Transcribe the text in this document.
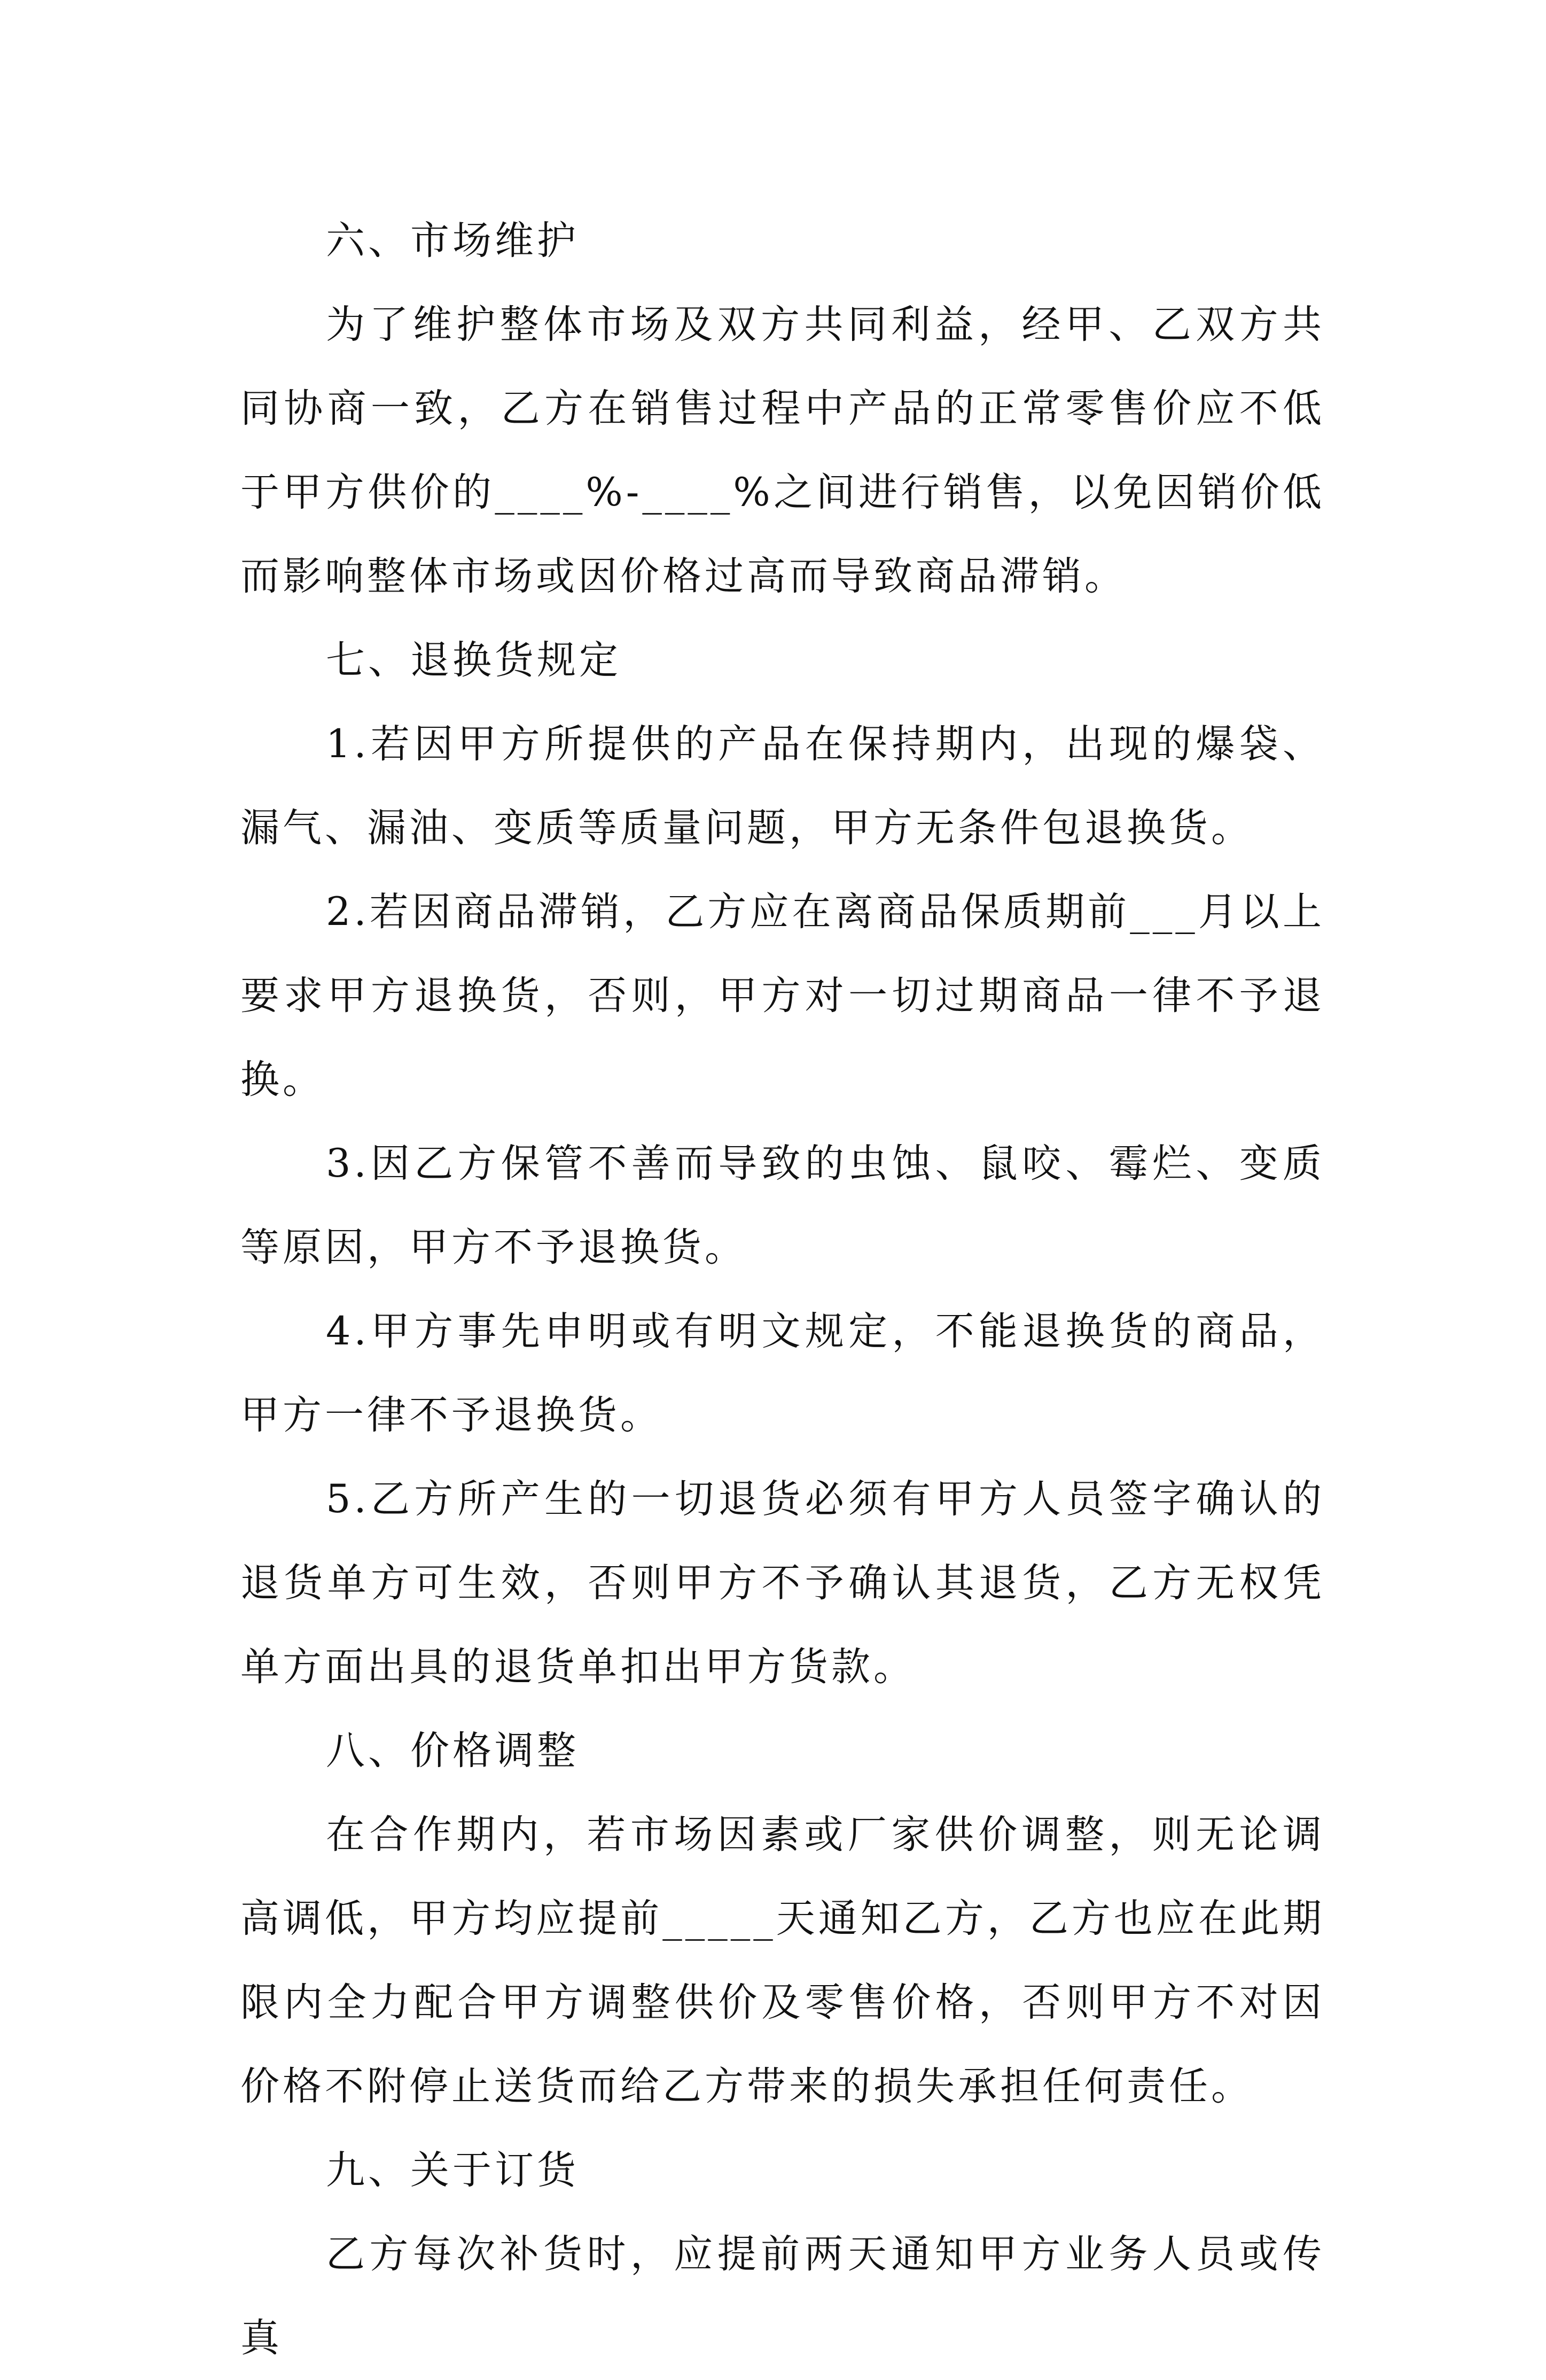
六、市场维护

为了维护整体市场及双方共同利益，经甲、乙双方共同协商一致，乙方在销售过程中产品的正常零售价应不低于甲方供价的____%-____%之间进行销售，以免因销价低而影响整体市场或因价格过高而导致商品滞销。

七、退换货规定

1.若因甲方所提供的产品在保持期内，出现的爆袋、漏气、漏油、变质等质量问题，甲方无条件包退换货。

2.若因商品滞销，乙方应在离商品保质期前___月以上要求甲方退换货，否则，甲方对一切过期商品一律不予退换。

3.因乙方保管不善而导致的虫蚀、鼠咬、霉烂、变质等原因，甲方不予退换货。

4.甲方事先申明或有明文规定，不能退换货的商品，甲方一律不予退换货。

5.乙方所产生的一切退货必须有甲方人员签字确认的退货单方可生效，否则甲方不予确认其退货，乙方无权凭单方面出具的退货单扣出甲方货款。

八、价格调整

在合作期内，若市场因素或厂家供价调整，则无论调高调低，甲方均应提前_____天通知乙方，乙方也应在此期限内全力配合甲方调整供价及零售价格，否则甲方不对因价格不附停止送货而给乙方带来的损失承担任何责任。

九、关于订货

乙方每次补货时，应提前两天通知甲方业务人员或传真
